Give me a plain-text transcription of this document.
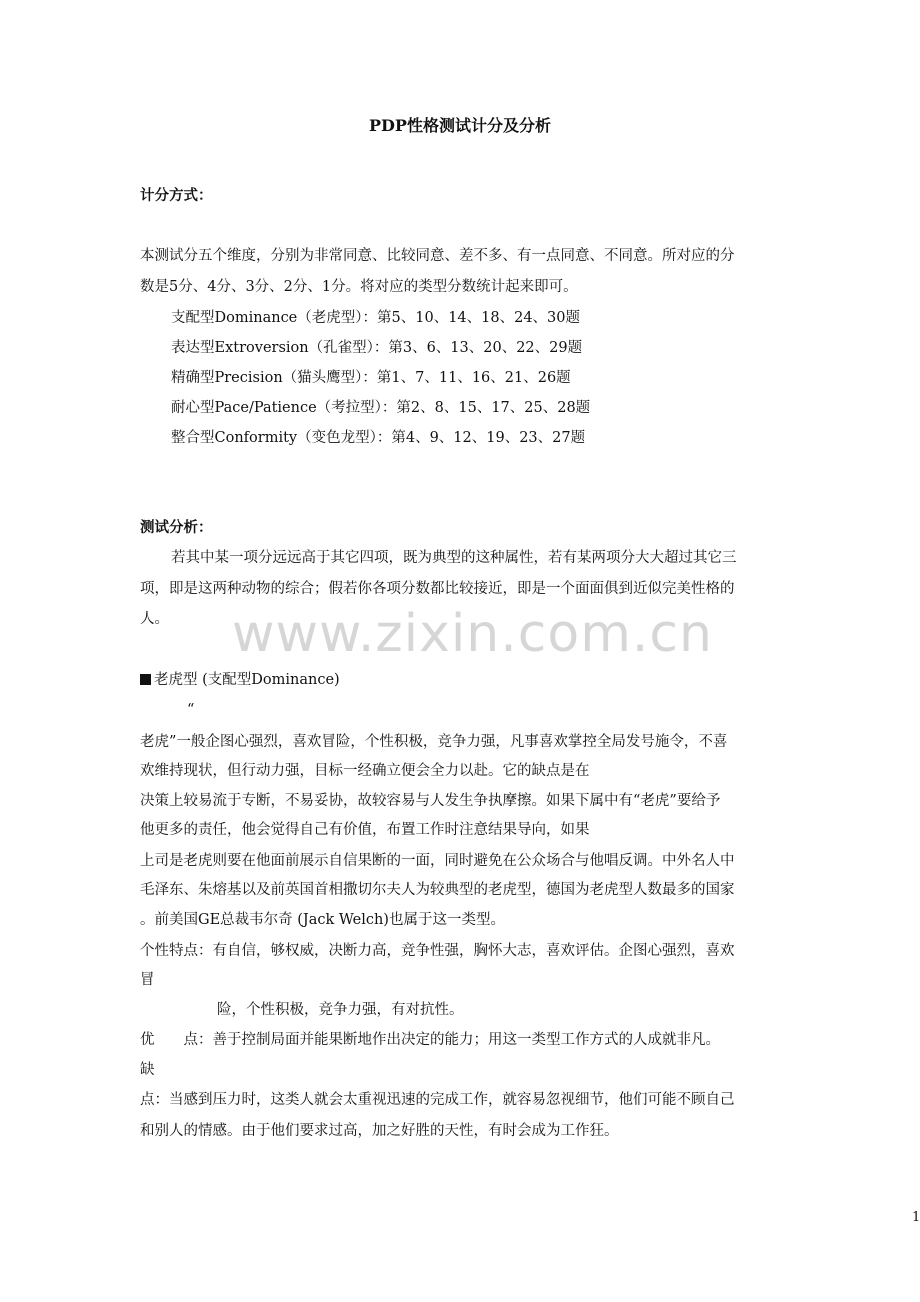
www.zixin.com.cn
PDP性格测试计分及分析
计分方式：
本测试分五个维度，分别为非常同意、比较同意、差不多、有一点同意、不同意。所对应的分
数是5分、4分、3分、2分、1分。将对应的类型分数统计起来即可。
支配型Dominance（老虎型）：第5、10、14、18、24、30题
表达型Extroversion（孔雀型）：第3、6、13、20、22、29题
精确型Precision（猫头鹰型）：第1、7、11、16、21、26题
耐心型Pace/Patience（考拉型）：第2、8、15、17、25、28题
整合型Conformity（变色龙型）：第4、9、12、19、23、27题
测试分析：
若其中某一项分远远高于其它四项，既为典型的这种属性，若有某两项分大大超过其它三
项，即是这两种动物的综合；假若你各项分数都比较接近，即是一个面面俱到近似完美性格的
人。
老虎型 (支配型Dominance)
“
老虎”一般企图心强烈，喜欢冒险，个性积极，竞争力强，凡事喜欢掌控全局发号施令，不喜
欢维持现状，但行动力强，目标一经确立便会全力以赴。它的缺点是在
决策上较易流于专断，不易妥协，故较容易与人发生争执摩擦。如果下属中有“老虎”要给予
他更多的责任，他会觉得自己有价值，布置工作时注意结果导向，如果
上司是老虎则要在他面前展示自信果断的一面，同时避免在公众场合与他唱反调。中外名人中
毛泽东、朱熔基以及前英国首相撒切尔夫人为较典型的老虎型，德国为老虎型人数最多的国家
。前美国GE总裁韦尔奇 (Jack Welch)也属于这一类型。
个性特点：有自信，够权威，决断力高，竞争性强，胸怀大志，喜欢评估。企图心强烈，喜欢
冒
险，个性积极，竞争力强，有对抗性。
优　　点：善于控制局面并能果断地作出决定的能力；用这一类型工作方式的人成就非凡。
缺
点：当感到压力时，这类人就会太重视迅速的完成工作，就容易忽视细节，他们可能不顾自己
和别人的情感。由于他们要求过高，加之好胜的天性，有时会成为工作狂。
1
